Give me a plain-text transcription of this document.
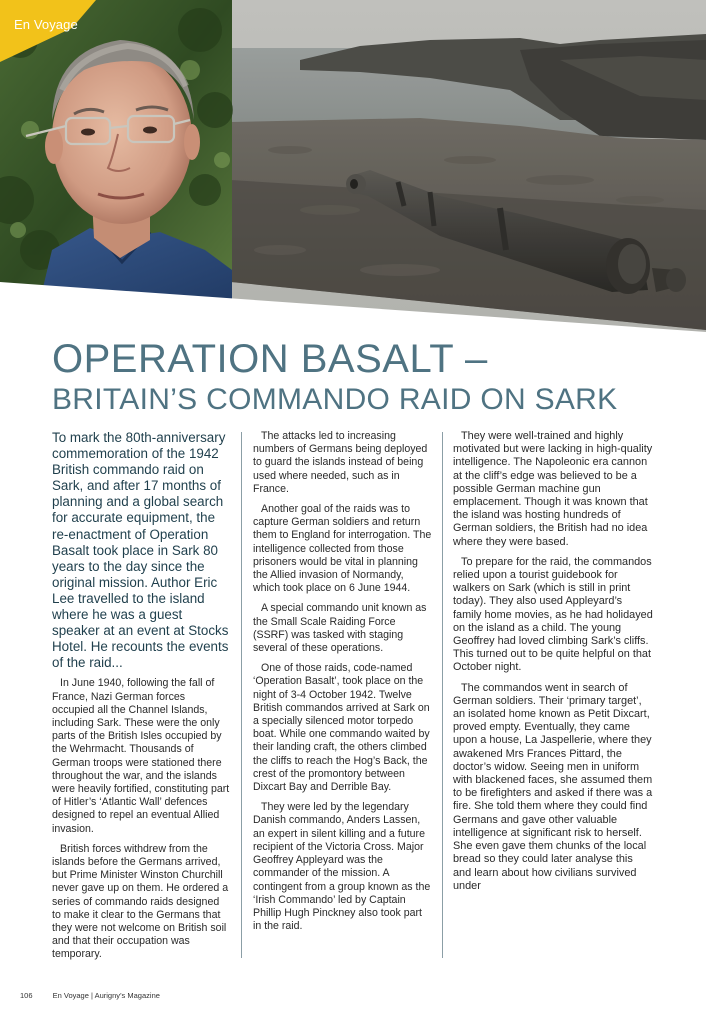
En Voyage
OPERATION BASALT –
BRITAIN’S COMMANDO RAID ON SARK

To mark the 80th-anniversary commemoration of the 1942 British commando raid on Sark, and after 17 months of planning and a global search for accurate equipment, the re-enactment of Operation Basalt took place in Sark 80 years to the day since the original mission. Author Eric Lee travelled to the island where he was a guest speaker at an event at Stocks Hotel. He recounts the events of the raid...

In June 1940, following the fall of France, Nazi German forces occupied all the Channel Islands, including Sark. These were the only parts of the British Isles occupied by the Wehrmacht. Thousands of German troops were stationed there throughout the war, and the islands were heavily fortified, constituting part of Hitler’s ‘Atlantic Wall’ defences designed to repel an eventual Allied invasion.

British forces withdrew from the islands before the Germans arrived, but Prime Minister Winston Churchill never gave up on them. He ordered a series of commando raids designed to make it clear to the Germans that they were not welcome on British soil and that their occupation was temporary.

The attacks led to increasing numbers of Germans being deployed to guard the islands instead of being used where needed, such as in France.

Another goal of the raids was to capture German soldiers and return them to England for interrogation. The intelligence collected from those prisoners would be vital in planning the Allied invasion of Normandy, which took place on 6 June 1944.

A special commando unit known as the Small Scale Raiding Force (SSRF) was tasked with staging several of these operations.

One of those raids, code-named ‘Operation Basalt’, took place on the night of 3-4 October 1942. Twelve British commandos arrived at Sark on a specially silenced motor torpedo boat. While one commando waited by their landing craft, the others climbed the cliffs to reach the Hog’s Back, the crest of the promontory between Dixcart Bay and Derrible Bay.

They were led by the legendary Danish commando, Anders Lassen, an expert in silent killing and a future recipient of the Victoria Cross. Major Geoffrey Appleyard was the commander of the mission. A contingent from a group known as the ‘Irish Commando’ led by Captain Phillip Hugh Pinckney also took part in the raid.

They were well-trained and highly motivated but were lacking in high-quality intelligence. The Napoleonic era cannon at the cliff’s edge was believed to be a possible German machine gun emplacement. Though it was known that the island was hosting hundreds of German soldiers, the British had no idea where they were based.

To prepare for the raid, the commandos relied upon a tourist guidebook for walkers on Sark (which is still in print today). They also used Appleyard’s family home movies, as he had holidayed on the island as a child. The young Geoffrey had loved climbing Sark’s cliffs. This turned out to be quite helpful on that October night.

The commandos went in search of German soldiers. Their ‘primary target’, an isolated home known as Petit Dixcart, proved empty. Eventually, they came upon a house, La Jaspellerie, where they awakened Mrs Frances Pittard, the doctor’s widow. Seeing men in uniform with blackened faces, she assumed them to be firefighters and asked if there was a fire. She told them where they could find Germans and gave other valuable intelligence at significant risk to herself. She even gave them chunks of the local bread so they could later analyse this and learn about how civilians survived under

106	En Voyage | Aurigny’s Magazine
